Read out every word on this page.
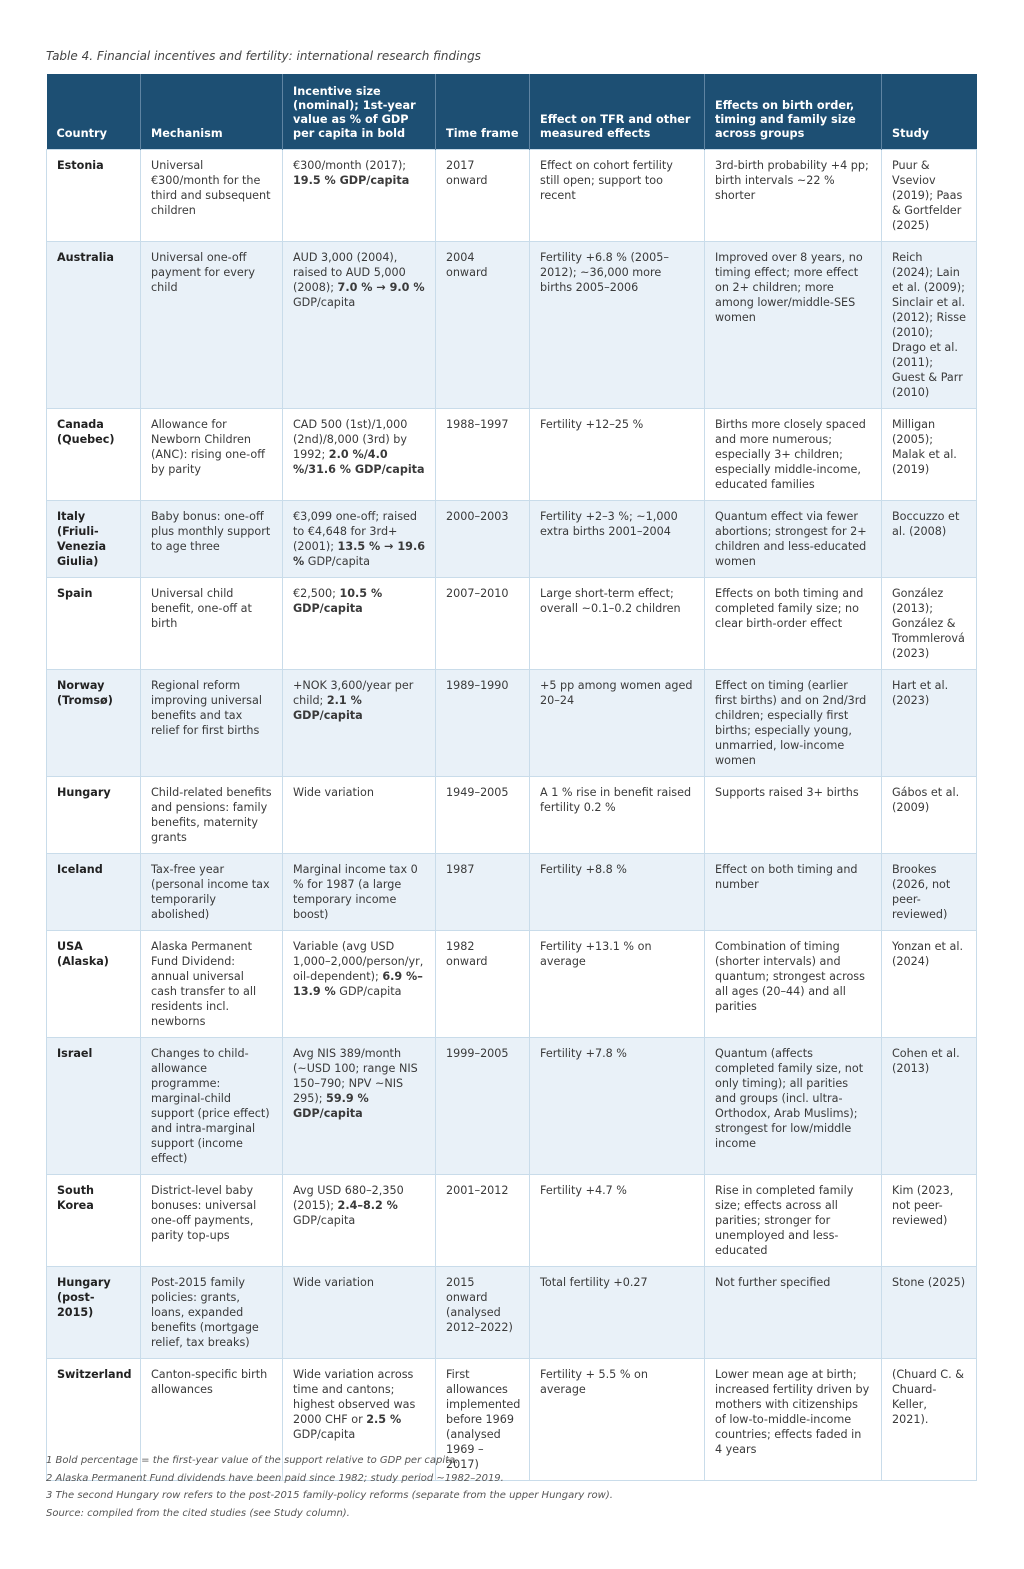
Table 4. Financial incentives and fertility: international research findings
Country	Mechanism	Incentive size (nominal); 1st-year value as % of GDP per capita in bold	Time frame	Effect on TFR and other measured effects	Effects on birth order, timing and family size across groups	Study
Estonia	Universal €300/month for the third and subsequent children	€300/month (2017); 19.5 % GDP/capita	2017 onward	Effect on cohort fertility still open; support too recent	3rd-birth probability +4 pp; birth intervals ~22 % shorter	Puur & Vseviov (2019); Paas & Gortfelder (2025)
Australia	Universal one-off payment for every child	AUD 3,000 (2004), raised to AUD 5,000 (2008); 7.0 % → 9.0 % GDP/capita	2004 onward	Fertility +6.8 % (2005–2012); ~36,000 more births 2005–2006	Improved over 8 years, no timing effect; more effect on 2+ children; more among lower/middle-SES women	Reich (2024); Lain et al. (2009); Sinclair et al. (2012); Risse (2010); Drago et al. (2011); Guest & Parr (2010)
Canada (Quebec)	Allowance for Newborn Children (ANC): rising one-off by parity	CAD 500 (1st)/1,000 (2nd)/8,000 (3rd) by 1992; 2.0 %/4.0 %/31.6 % GDP/capita	1988–1997	Fertility +12–25 %	Births more closely spaced and more numerous; especially 3+ children; especially middle-income, educated families	Milligan (2005); Malak et al. (2019)
Italy (Friuli-Venezia Giulia)	Baby bonus: one-off plus monthly support to age three	€3,099 one-off; raised to €4,648 for 3rd+ (2001); 13.5 % → 19.6 % GDP/capita	2000–2003	Fertility +2–3 %; ~1,000 extra births 2001–2004	Quantum effect via fewer abortions; strongest for 2+ children and less-educated women	Boccuzzo et al. (2008)
Spain	Universal child benefit, one-off at birth	€2,500; 10.5 % GDP/capita	2007–2010	Large short-term effect; overall ~0.1–0.2 children	Effects on both timing and completed family size; no clear birth-order effect	González (2013); González & Trommlerová (2023)
Norway (Tromsø)	Regional reform improving universal benefits and tax relief for first births	+NOK 3,600/year per child; 2.1 % GDP/capita	1989–1990	+5 pp among women aged 20–24	Effect on timing (earlier first births) and on 2nd/3rd children; especially first births; especially young, unmarried, low-income women	Hart et al. (2023)
Hungary	Child-related benefits and pensions: family benefits, maternity grants	Wide variation	1949–2005	A 1 % rise in benefit raised fertility 0.2 %	Supports raised 3+ births	Gábos et al. (2009)
Iceland	Tax-free year (personal income tax temporarily abolished)	Marginal income tax 0 % for 1987 (a large temporary income boost)	1987	Fertility +8.8 %	Effect on both timing and number	Brookes (2026, not peer-reviewed)
USA (Alaska)	Alaska Permanent Fund Dividend: annual universal cash transfer to all residents incl. newborns	Variable (avg USD 1,000–2,000/person/yr, oil-dependent); 6.9 %–13.9 % GDP/capita	1982 onward	Fertility +13.1 % on average	Combination of timing (shorter intervals) and quantum; strongest across all ages (20–44) and all parities	Yonzan et al. (2024)
Israel	Changes to child-allowance programme: marginal-child support (price effect) and intra-marginal support (income effect)	Avg NIS 389/month (~USD 100; range NIS 150–790; NPV ~NIS 295); 59.9 % GDP/capita	1999–2005	Fertility +7.8 %	Quantum (affects completed family size, not only timing); all parities and groups (incl. ultra-Orthodox, Arab Muslims); strongest for low/middle income	Cohen et al. (2013)
South Korea	District-level baby bonuses: universal one-off payments, parity top-ups	Avg USD 680–2,350 (2015); 2.4–8.2 % GDP/capita	2001–2012	Fertility +4.7 %	Rise in completed family size; effects across all parities; stronger for unemployed and less-educated	Kim (2023, not peer-reviewed)
Hungary (post-2015)	Post-2015 family policies: grants, loans, expanded benefits (mortgage relief, tax breaks)	Wide variation	2015 onward (analysed 2012–2022)	Total fertility +0.27	Not further specified	Stone (2025)
Switzerland	Canton-specific birth allowances	Wide variation across time and cantons; highest observed was 2000 CHF or 2.5 % GDP/capita	First allowances implemented before 1969 (analysed 1969 – 2017)	Fertility + 5.5 % on average	Lower mean age at birth; increased fertility driven by mothers with citizenships of low-to-middle-income countries; effects faded in 4 years	(Chuard C. & Chuard-Keller, 2021).
1 Bold percentage = the first-year value of the support relative to GDP per capita.
2 Alaska Permanent Fund dividends have been paid since 1982; study period ~1982–2019.
3 The second Hungary row refers to the post-2015 family-policy reforms (separate from the upper Hungary row).
Source: compiled from the cited studies (see Study column).
